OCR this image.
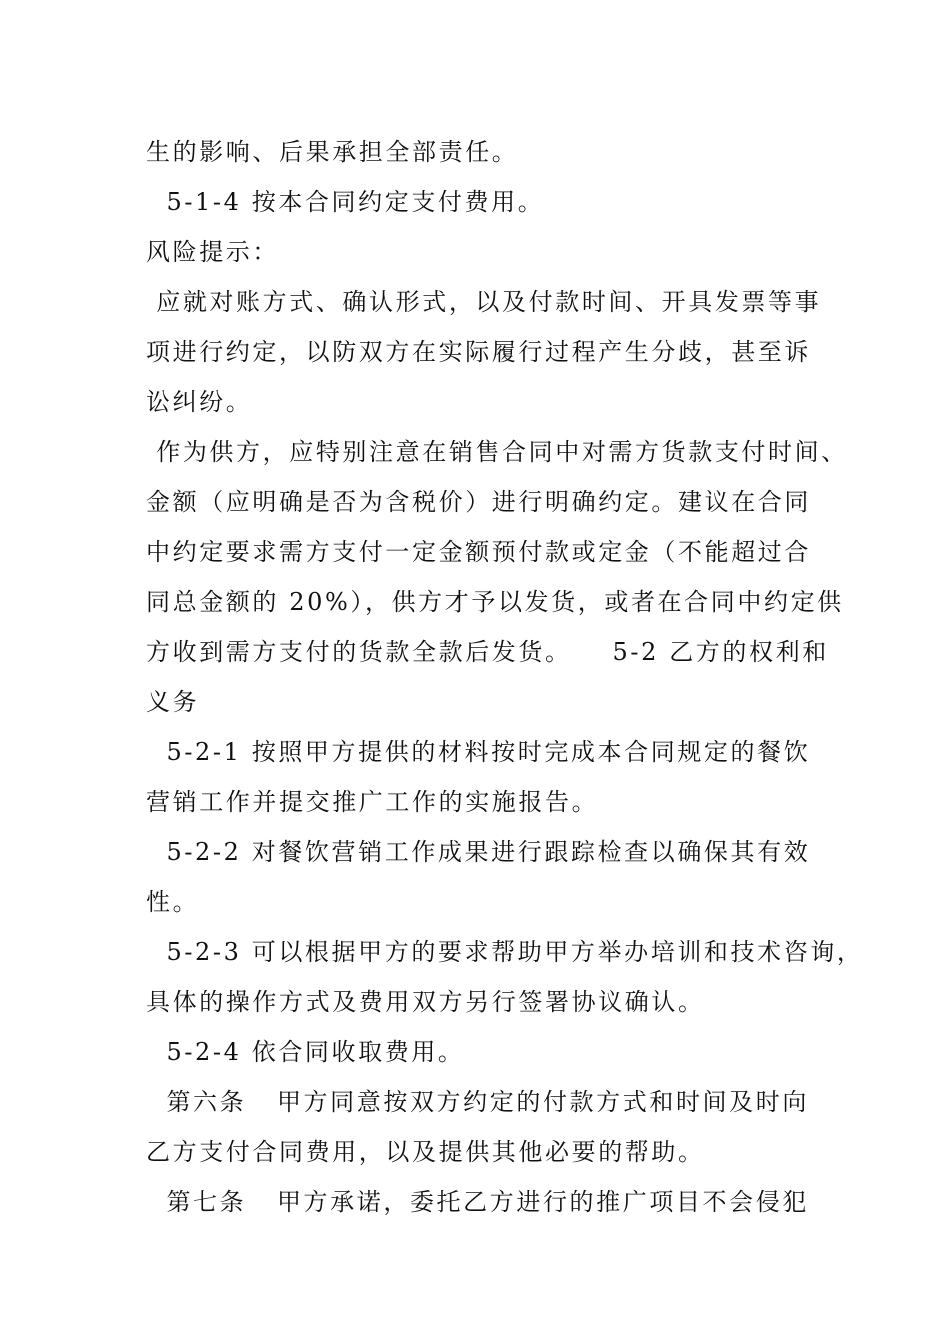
生的影响、后果承担全部责任。
5-1-4 按本合同约定支付费用。
风险提示：
应就对账方式、确认形式，以及付款时间、开具发票等事
项进行约定，以防双方在实际履行过程产生分歧，甚至诉
讼纠纷。
作为供方，应特别注意在销售合同中对需方货款支付时间、
金额（应明确是否为含税价）进行明确约定。建议在合同
中约定要求需方支付一定金额预付款或定金（不能超过合
同总金额的 20%），供方才予以发货，或者在合同中约定供
方收到需方支付的货款全款后发货。    5-2 乙方的权利和
义务
5-2-1 按照甲方提供的材料按时完成本合同规定的餐饮
营销工作并提交推广工作的实施报告。
5-2-2 对餐饮营销工作成果进行跟踪检查以确保其有效
性。
5-2-3 可以根据甲方的要求帮助甲方举办培训和技术咨询，
具体的操作方式及费用双方另行签署协议确认。
5-2-4 依合同收取费用。
第六条   甲方同意按双方约定的付款方式和时间及时向
乙方支付合同费用，以及提供其他必要的帮助。
第七条   甲方承诺，委托乙方进行的推广项目不会侵犯
